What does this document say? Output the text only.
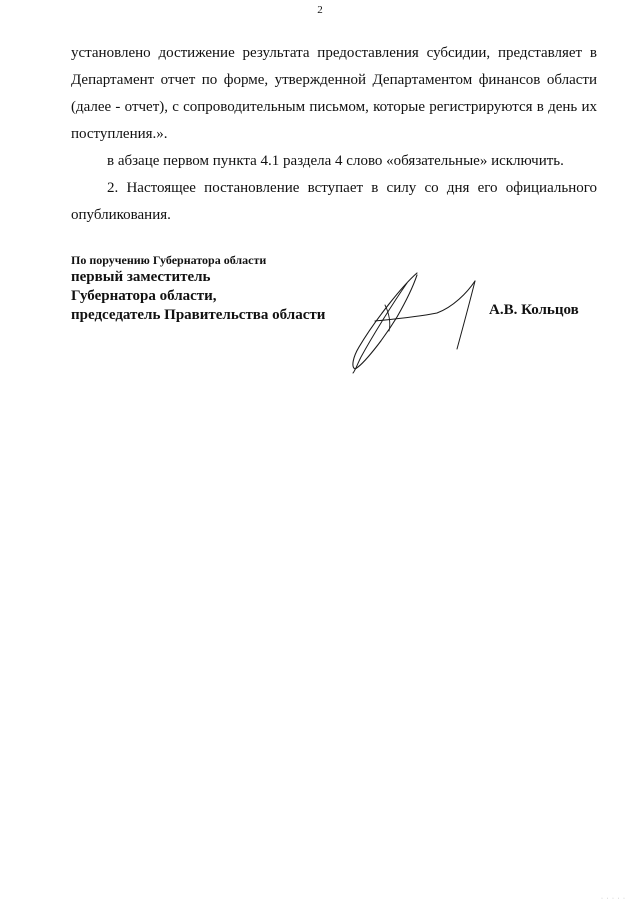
2

установлено достижение результата предоставления субсидии, представляет в Департамент отчет по форме, утвержденной Департаментом финансов области (далее - отчет), с сопроводительным письмом, которые регистрируются в день их поступления.».

в абзаце первом пункта 4.1 раздела 4 слово «обязательные» исключить.

2. Настоящее постановление вступает в силу со дня его официального опубликования.

По поручению Губернатора области
первый заместитель
Губернатора области,
председатель Правительства области	А.В. Кольцов
· · · · ·
